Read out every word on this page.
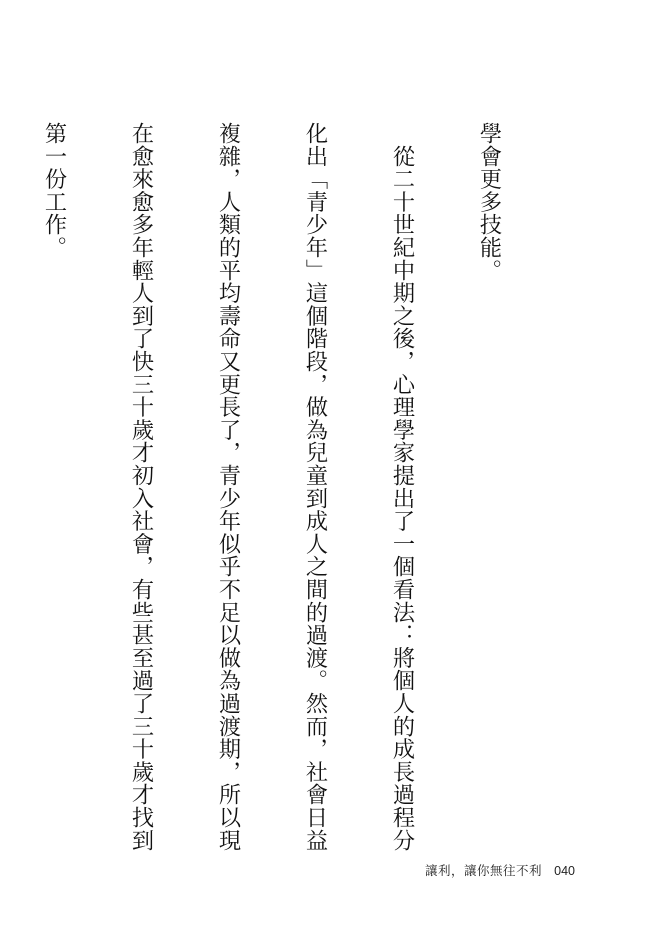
學會更多技能。

　從二十世紀中期之後，心理學家提出了一個看法：將個人的成長過程分

化出「青少年」這個階段，做為兒童到成人之間的過渡。然而，社會日益

複雜，人類的平均壽命又更長了，青少年似乎不足以做為過渡期，所以現

在愈來愈多年輕人到了快三十歲才初入社會，有些甚至過了三十歲才找到

第一份工作。

讓利，讓你無往不利 040
